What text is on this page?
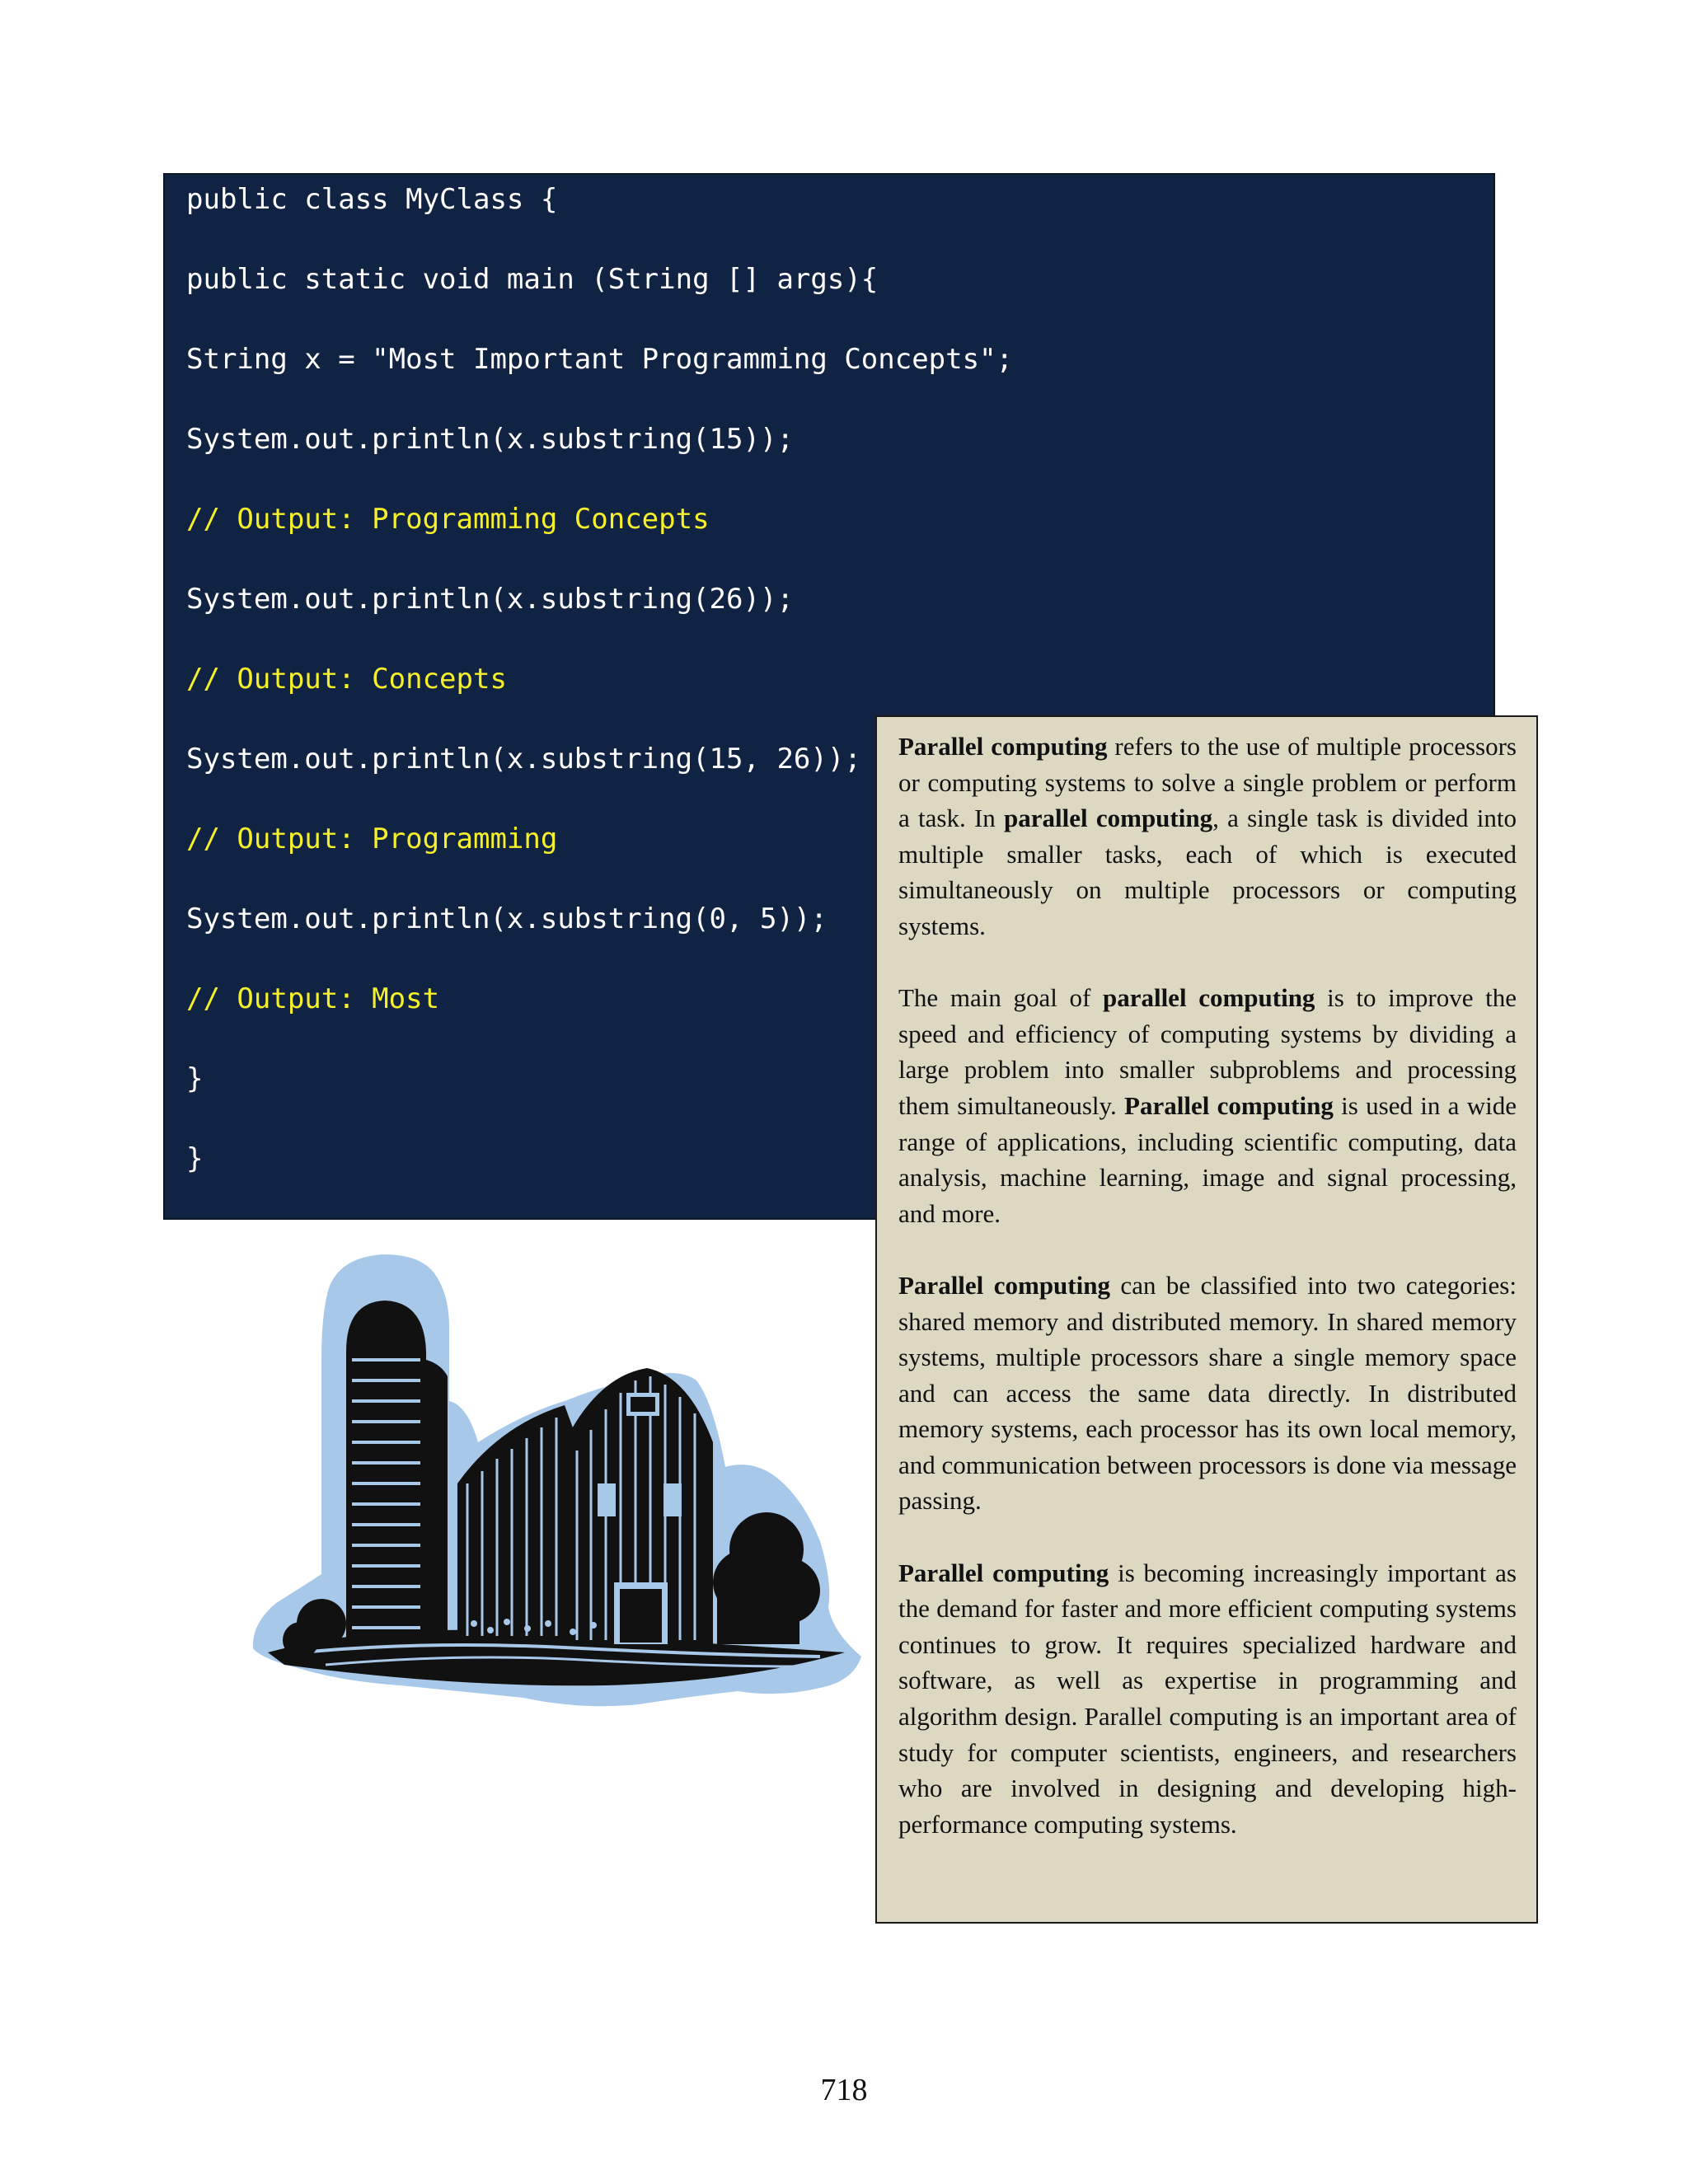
public class MyClass {
public static void main (String [] args){
String x = "Most Important Programming Concepts";
System.out.println(x.substring(15));
// Output: Programming Concepts
System.out.println(x.substring(26));
// Output: Concepts
System.out.println(x.substring(15, 26));
// Output: Programming
System.out.println(x.substring(0, 5));
// Output: Most
}
}

Parallel computing refers to the use of multiple processors or computing systems to solve a single problem or perform a task. In parallel computing, a single task is divided into multiple smaller tasks, each of which is executed simultaneously on multiple processors or computing systems.

The main goal of parallel computing is to improve the speed and efficiency of computing systems by dividing a large problem into smaller subproblems and processing them simultaneously. Parallel computing is used in a wide range of applications, including scientific computing, data analysis, machine learning, image and signal processing, and more.

Parallel computing can be classified into two categories: shared memory and distributed memory. In shared memory systems, multiple processors share a single memory space and can access the same data directly. In distributed memory systems, each processor has its own local memory, and communication between processors is done via message passing.

Parallel computing is becoming increasingly important as the demand for faster and more efficient computing systems continues to grow. It requires specialized hardware and software, as well as expertise in programming and algorithm design. Parallel computing is an important area of study for computer scientists, engineers, and researchers who are involved in designing and developing high-performance computing systems.

718
